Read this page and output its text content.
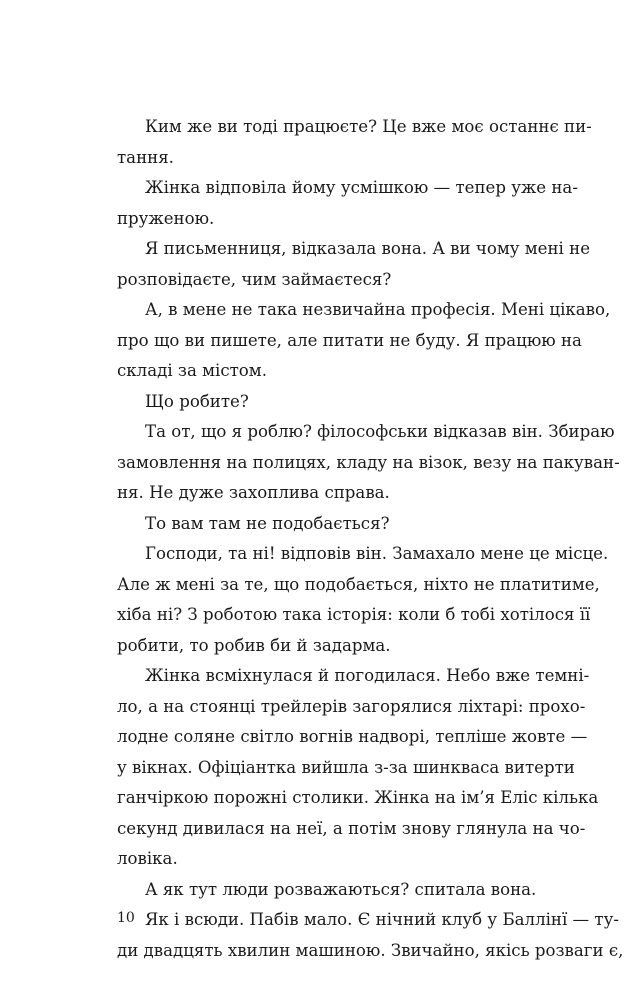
Ким же ви тоді працюєте? Це вже моє останнє пи-
тання.
Жінка відповіла йому усмішкою — тепер уже на-
пруженою.
Я письменниця, відказала вона. А ви чому мені не
розповідаєте, чим займаєтеся?
А, в мене не така незвичайна професія. Мені цікаво,
про що ви пишете, але питати не буду. Я працюю на
складі за містом.
Що робите?
Та от, що я роблю? філософськи відказав він. Збираю
замовлення на полицях, кладу на візок, везу на пакуван-
ня. Не дуже захоплива справа.
То вам там не подобається?
Господи, та ні! відповів він. Замахало мене це місце.
Але ж мені за те, що подобається, ніхто не платитиме,
хіба ні? З роботою така історія: коли б тобі хотілося її
робити, то робив би й задарма.
Жінка всміхнулася й погодилася. Небо вже темні-
ло, а на стоянці трейлерів загорялися ліхтарі: прохо-
лодне соляне світло вогнів надворі, тепліше жовте —
у вікнах. Офіціантка вийшла з-за шинкваса витерти
ганчіркою порожні столики. Жінка на ім’я Еліс кілька
секунд дивилася на неї, а потім знову глянула на чо-
ловіка.
А як тут люди розважаються? спитала вона.
Як і всюди. Пабів мало. Є нічний клуб у Баллінї — ту-
ди двадцять хвилин машиною. Звичайно, якісь розваги є,
10
